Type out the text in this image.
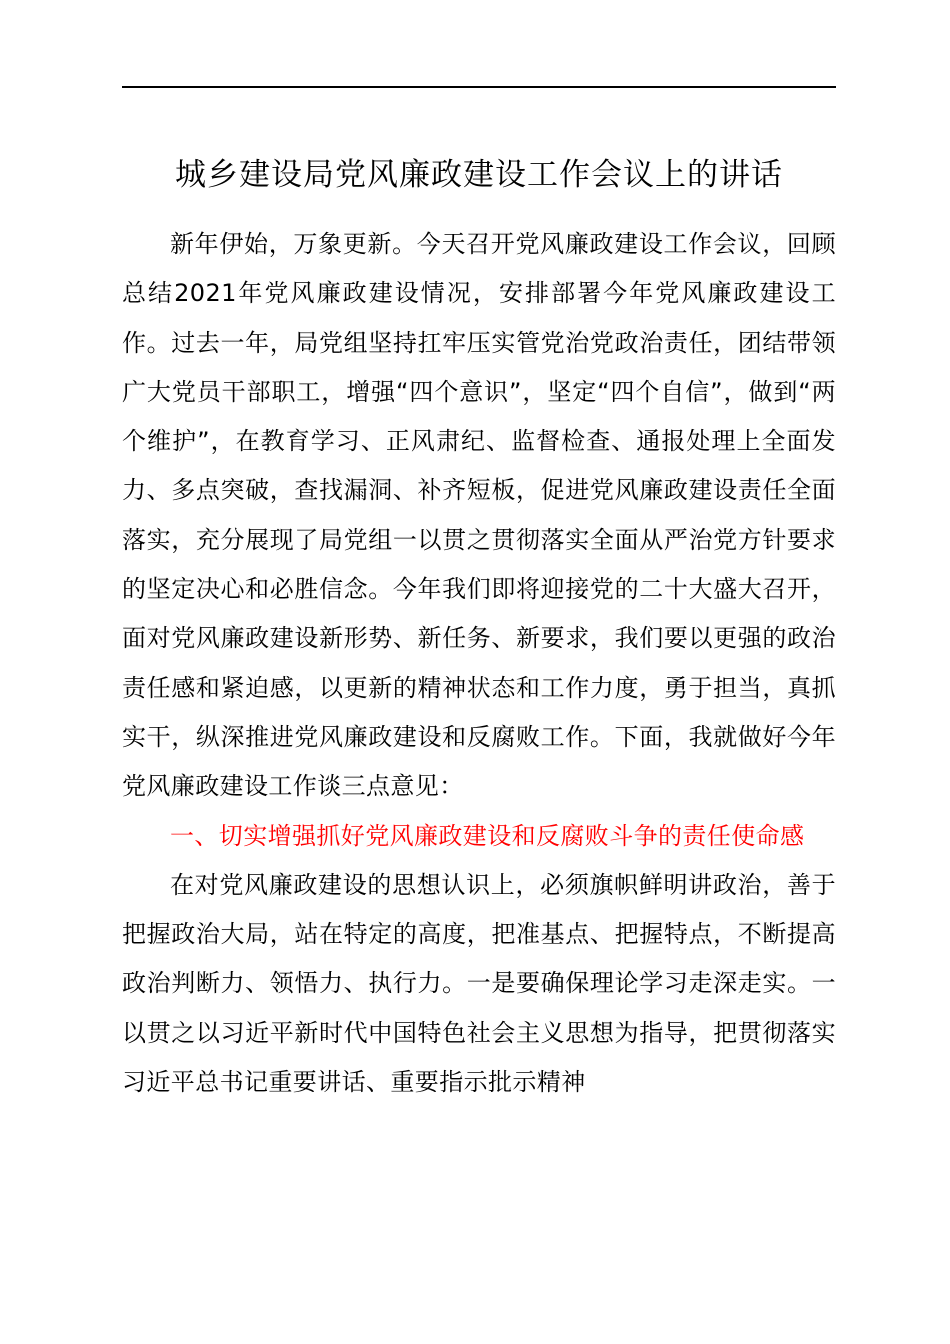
城乡建设局党风廉政建设工作会议上的讲话

新年伊始，万象更新。今天召开党风廉政建设工作会议，回顾总结2021年党风廉政建设情况，安排部署今年党风廉政建设工作。过去一年，局党组坚持扛牢压实管党治党政治责任，团结带领广大党员干部职工，增强“四个意识”，坚定“四个自信”，做到“两个维护”，在教育学习、正风肃纪、监督检查、通报处理上全面发力、多点突破，查找漏洞、补齐短板，促进党风廉政建设责任全面落实，充分展现了局党组一以贯之贯彻落实全面从严治党方针要求的坚定决心和必胜信念。今年我们即将迎接党的二十大盛大召开，面对党风廉政建设新形势、新任务、新要求，我们要以更强的政治责任感和紧迫感，以更新的精神状态和工作力度，勇于担当，真抓实干，纵深推进党风廉政建设和反腐败工作。下面，我就做好今年党风廉政建设工作谈三点意见：

一、切实增强抓好党风廉政建设和反腐败斗争的责任使命感

在对党风廉政建设的思想认识上，必须旗帜鲜明讲政治，善于把握政治大局，站在特定的高度，把准基点、把握特点，不断提高政治判断力、领悟力、执行力。一是要确保理论学习走深走实。一以贯之以习近平新时代中国特色社会主义思想为指导，把贯彻落实习近平总书记重要讲话、重要指示批示精神
